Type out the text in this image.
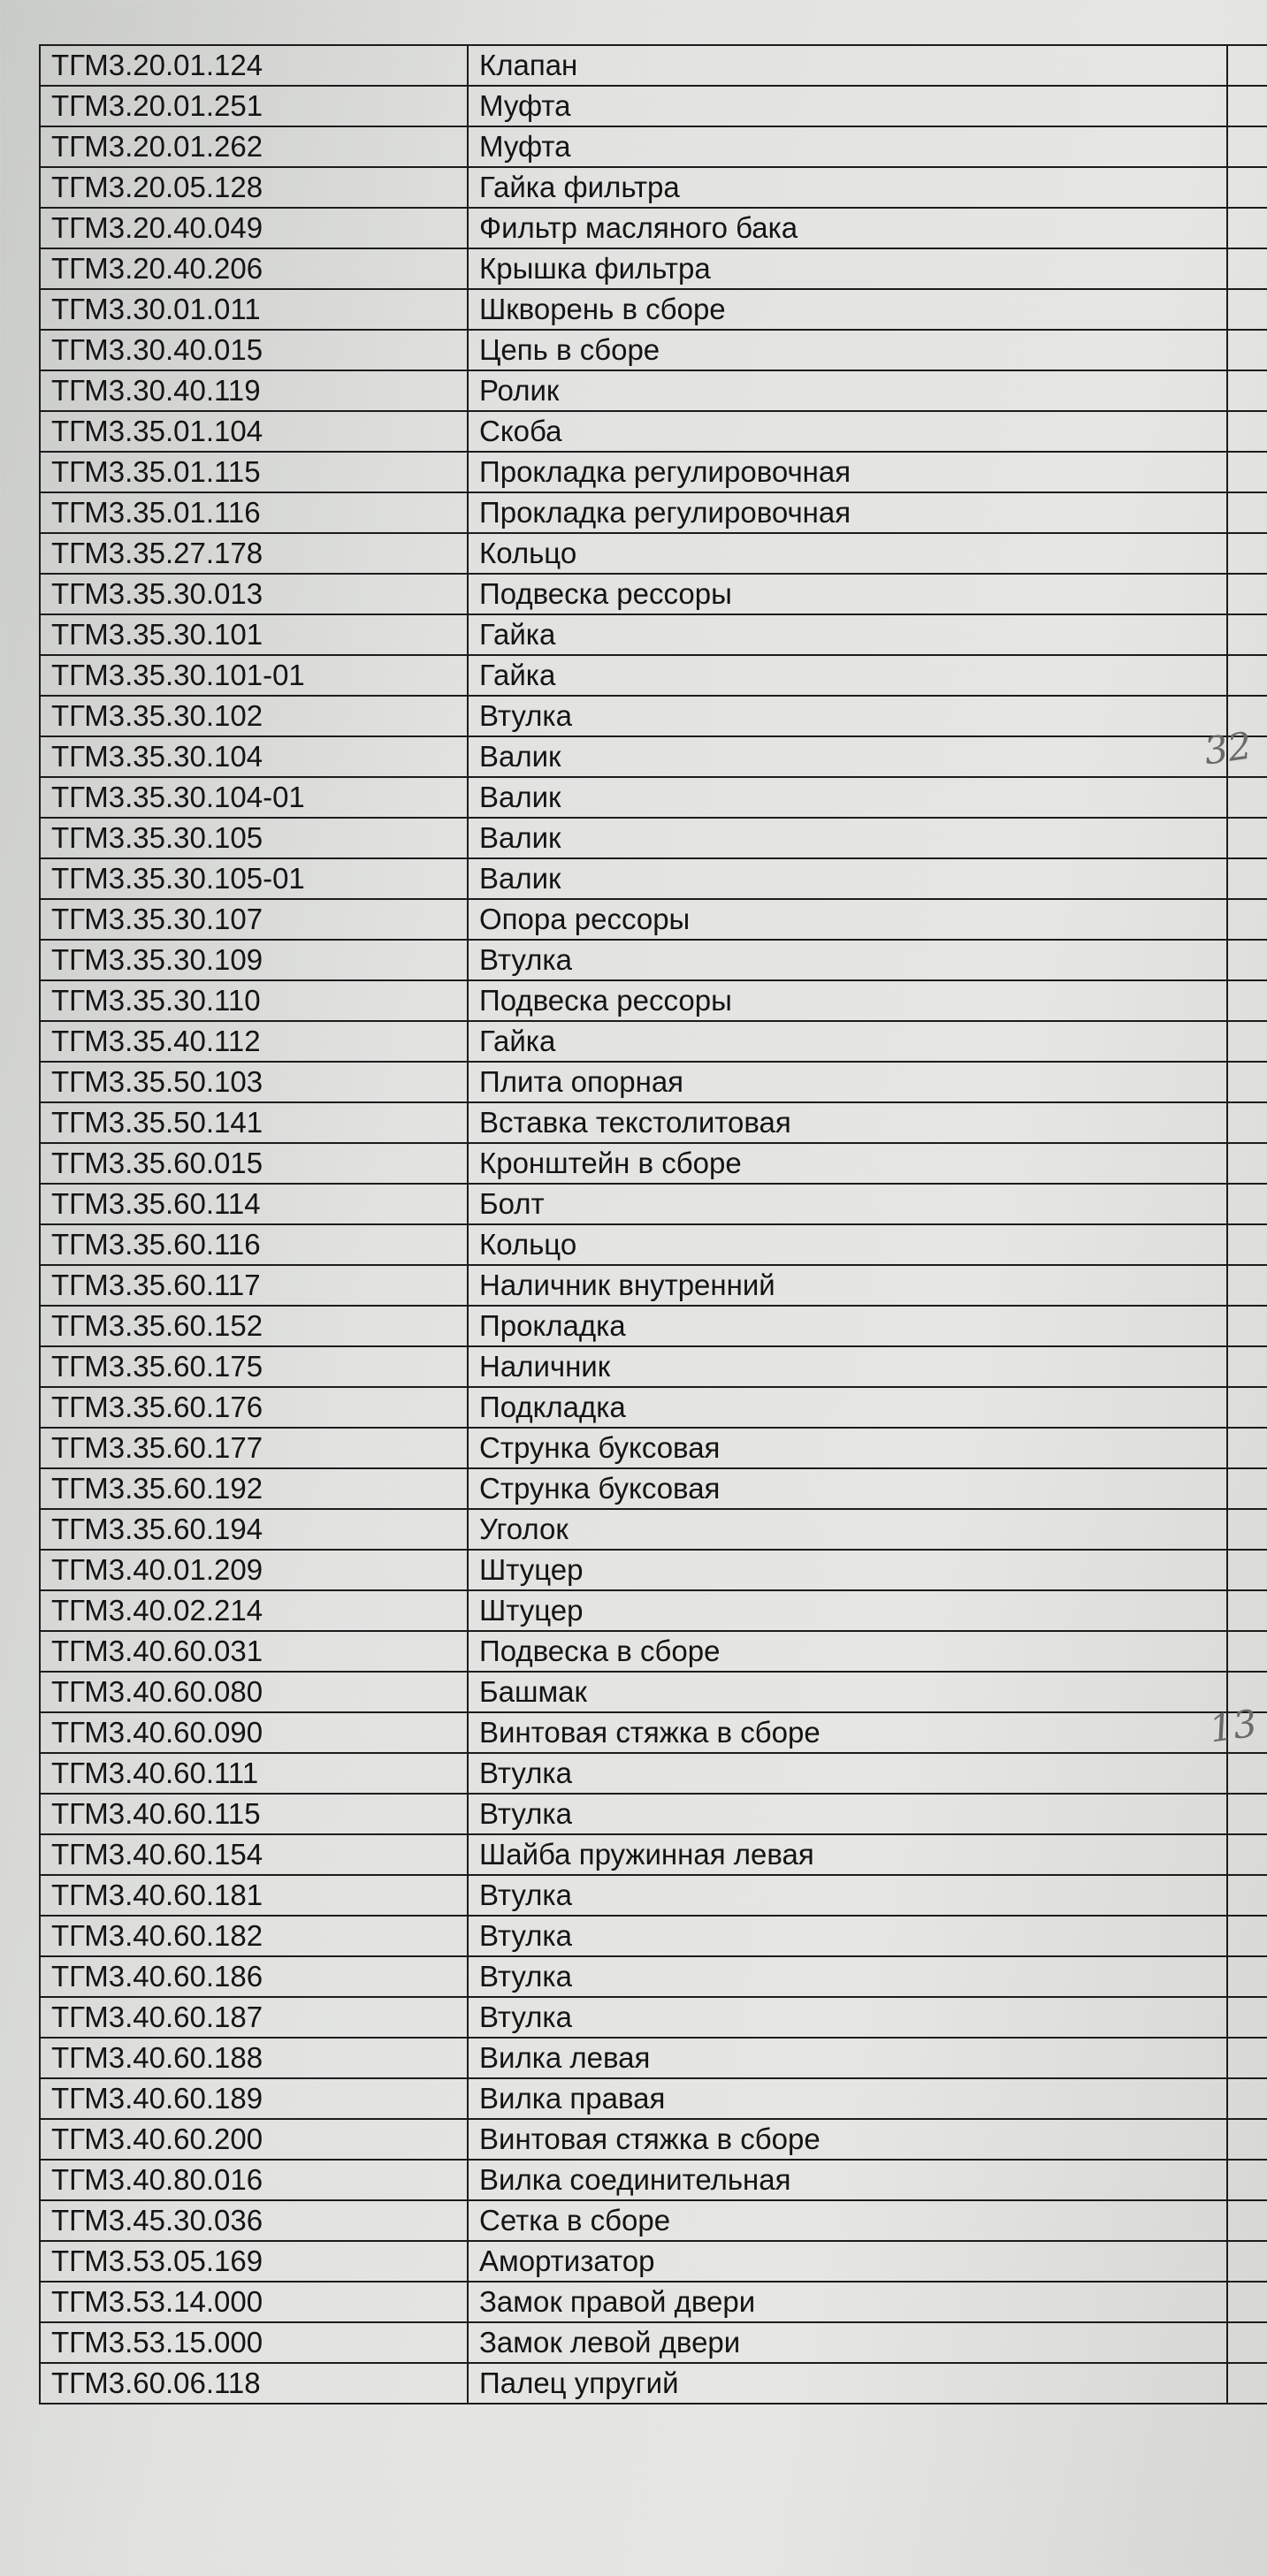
ТГМ3.20.01.124	Клапан	
ТГМ3.20.01.251	Муфта	
ТГМ3.20.01.262	Муфта	
ТГМ3.20.05.128	Гайка фильтра	
ТГМ3.20.40.049	Фильтр масляного бака	
ТГМ3.20.40.206	Крышка фильтра	
ТГМ3.30.01.011	Шкворень в сборе	
ТГМ3.30.40.015	Цепь в сборе	
ТГМ3.30.40.119	Ролик	
ТГМ3.35.01.104	Скоба	
ТГМ3.35.01.115	Прокладка регулировочная	
ТГМ3.35.01.116	Прокладка регулировочная	
ТГМ3.35.27.178	Кольцо	
ТГМ3.35.30.013	Подвеска рессоры	
ТГМ3.35.30.101	Гайка	
ТГМ3.35.30.101-01	Гайка	
ТГМ3.35.30.102	Втулка	
ТГМ3.35.30.104	Валик	
ТГМ3.35.30.104-01	Валик	
ТГМ3.35.30.105	Валик	
ТГМ3.35.30.105-01	Валик	
ТГМ3.35.30.107	Опора рессоры	
ТГМ3.35.30.109	Втулка	
ТГМ3.35.30.110	Подвеска рессоры	
ТГМ3.35.40.112	Гайка	
ТГМ3.35.50.103	Плита опорная	
ТГМ3.35.50.141	Вставка текстолитовая	
ТГМ3.35.60.015	Кронштейн в сборе	
ТГМ3.35.60.114	Болт	
ТГМ3.35.60.116	Кольцо	
ТГМ3.35.60.117	Наличник внутренний	
ТГМ3.35.60.152	Прокладка	
ТГМ3.35.60.175	Наличник	
ТГМ3.35.60.176	Подкладка	
ТГМ3.35.60.177	Струнка буксовая	
ТГМ3.35.60.192	Струнка буксовая	
ТГМ3.35.60.194	Уголок	
ТГМ3.40.01.209	Штуцер	
ТГМ3.40.02.214	Штуцер	
ТГМ3.40.60.031	Подвеска в сборе	
ТГМ3.40.60.080	Башмак	
ТГМ3.40.60.090	Винтовая стяжка в сборе	
ТГМ3.40.60.111	Втулка	
ТГМ3.40.60.115	Втулка	
ТГМ3.40.60.154	Шайба пружинная левая	
ТГМ3.40.60.181	Втулка	
ТГМ3.40.60.182	Втулка	
ТГМ3.40.60.186	Втулка	
ТГМ3.40.60.187	Втулка	
ТГМ3.40.60.188	Вилка левая	
ТГМ3.40.60.189	Вилка правая	
ТГМ3.40.60.200	Винтовая стяжка в сборе	
ТГМ3.40.80.016	Вилка соединительная	
ТГМ3.45.30.036	Сетка в сборе	
ТГМ3.53.05.169	Амортизатор	
ТГМ3.53.14.000	Замок правой двери	
ТГМ3.53.15.000	Замок левой двери	
ТГМ3.60.06.118	Палец упругий	
32
13
